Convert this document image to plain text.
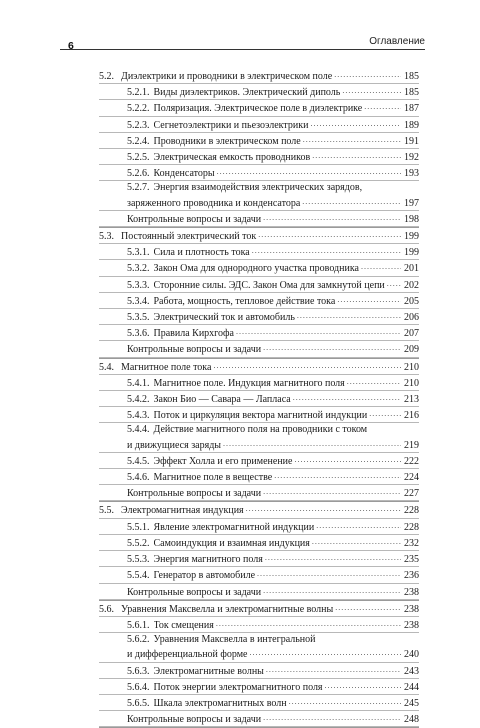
6	Оглавление
5.2. Диэлектрики и проводники в электрическом поле .....	185
5.2.1. Виды диэлектриков. Электрический диполь .....	185
5.2.2. Поляризация. Электрическое поле в диэлектрике .....	187
5.2.3. Сегнетоэлектрики и пьезоэлектрики .....	189
5.2.4. Проводники в электрическом поле .....	191
5.2.5. Электрическая емкость проводников .....	192
5.2.6. Конденсаторы .....	193
5.2.7. Энергия взаимодействия электрических зарядов,
заряженного проводника и конденсатора .....	197
Контрольные вопросы и задачи .....	198
5.3. Постоянный электрический ток .....	199
5.3.1. Сила и плотность тока .....	199
5.3.2. Закон Ома для однородного участка проводника .....	201
5.3.3. Сторонние силы. ЭДС. Закон Ома для замкнутой цепи ..... 202
5.3.4. Работа, мощность, тепловое действие тока .....	205
5.3.5. Электрический ток и автомобиль .....	206
5.3.6. Правила Кирхгофа .....	207
Контрольные вопросы и задачи .....	209
5.4. Магнитное поле тока .....	210
5.4.1. Магнитное поле. Индукция магнитного поля .....	210
5.4.2. Закон Био — Савара — Лапласа .....	213
5.4.3. Поток и циркуляция вектора магнитной индукции .....	216
5.4.4. Действие магнитного поля на проводники с током
и движущиеся заряды .....	219
5.4.5. Эффект Холла и его применение .....	222
5.4.6. Магнитное поле в веществе .....	224
Контрольные вопросы и задачи .....	227
5.5. Электромагнитная индукция .....	228
5.5.1. Явление электромагнитной индукции .....	228
5.5.2. Самоиндукция и взаимная индукция .....	232
5.5.3. Энергия магнитного поля .....	235
5.5.4. Генератор в автомобиле .....	236
Контрольные вопросы и задачи .....	238
5.6. Уравнения Максвелла и электромагнитные волны .....	238
5.6.1. Ток смещения .....	238
5.6.2. Уравнения Максвелла в интегральной
и дифференциальной форме .....	240
5.6.3. Электромагнитные волны .....	243
5.6.4. Поток энергии электромагнитного поля .....	244
5.6.5. Шкала электромагнитных волн .....	245
Контрольные вопросы и задачи .....	248
